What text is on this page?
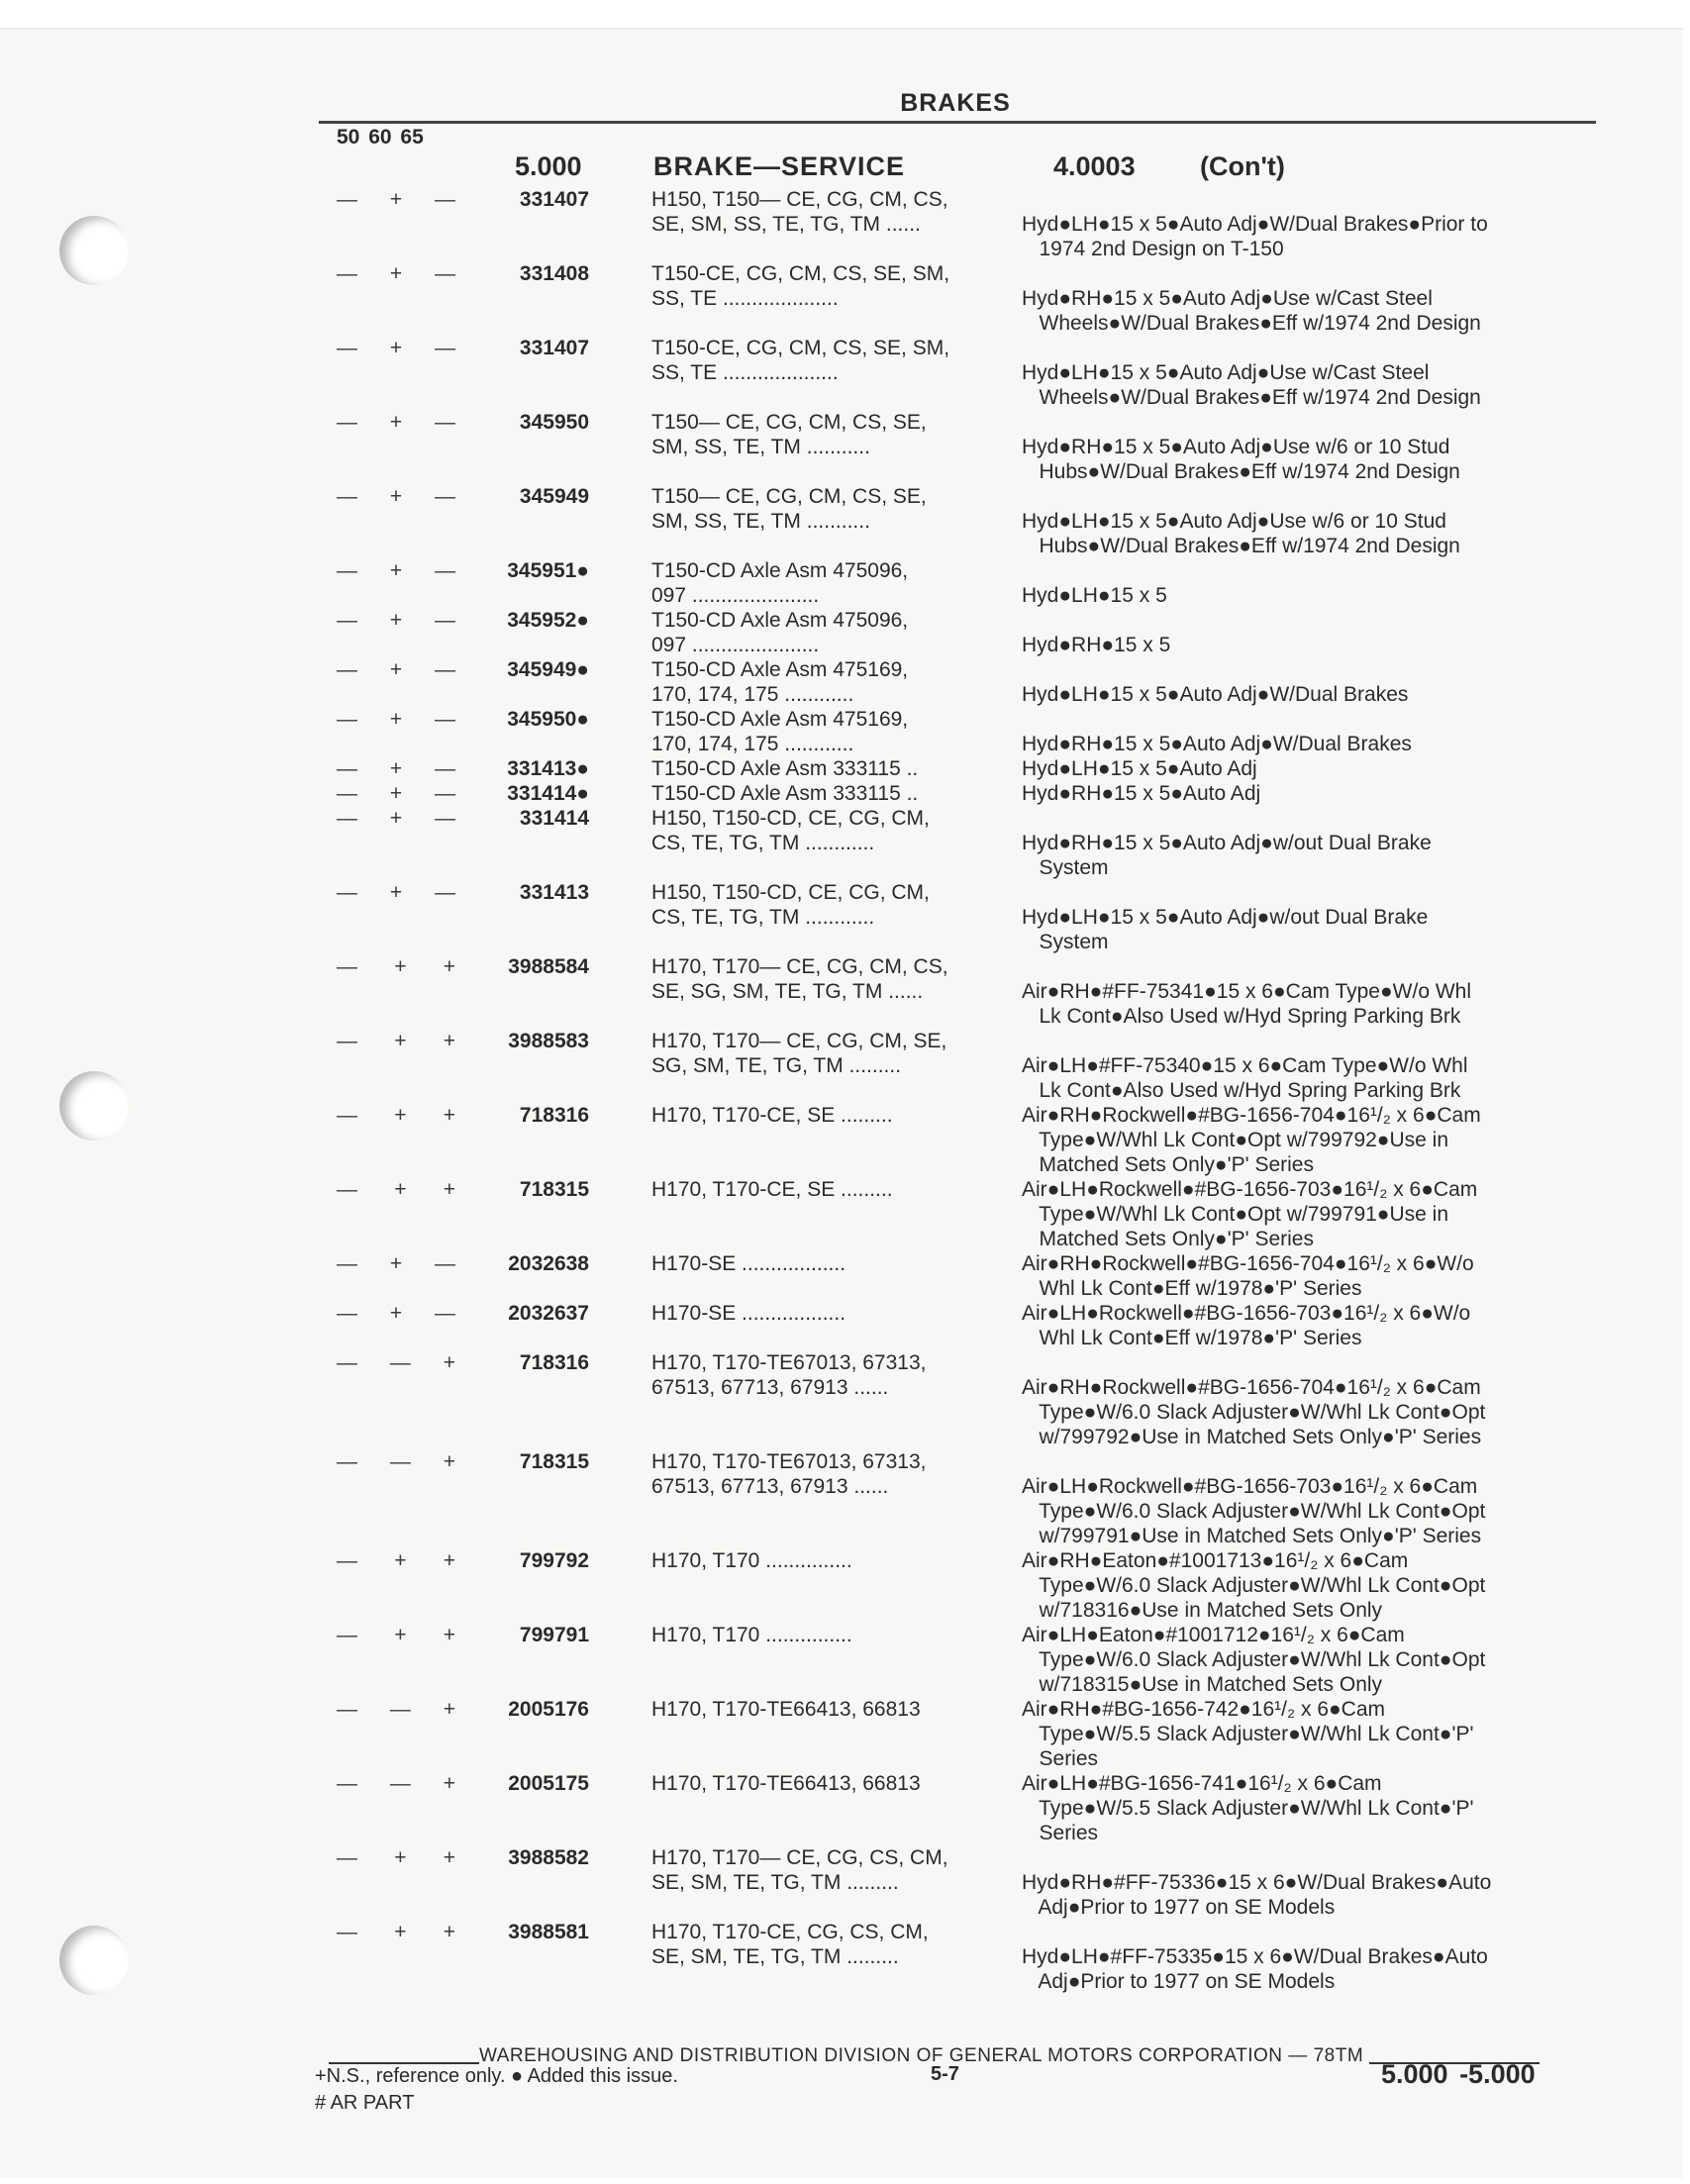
BRAKES
50 60 65
5.000	BRAKE—SERVICE	4.0003 (Con't)
— + —	331407	H150, T150— CE, CG, CM, CS,
SE, SM, SS, TE, TG, TM ......	Hyd●LH●15 x 5●Auto Adj●W/Dual Brakes●Prior to
1974 2nd Design on T-150
— + —	331408	T150-CE, CG, CM, CS, SE, SM,
SS, TE ....................	Hyd●RH●15 x 5●Auto Adj●Use w/Cast Steel
Wheels●W/Dual Brakes●Eff w/1974 2nd Design
— + —	331407	T150-CE, CG, CM, CS, SE, SM,
SS, TE ....................	Hyd●LH●15 x 5●Auto Adj●Use w/Cast Steel
Wheels●W/Dual Brakes●Eff w/1974 2nd Design
— + —	345950	T150— CE, CG, CM, CS, SE,
SM, SS, TE, TM ...........	Hyd●RH●15 x 5●Auto Adj●Use w/6 or 10 Stud
Hubs●W/Dual Brakes●Eff w/1974 2nd Design
— + —	345949	T150— CE, CG, CM, CS, SE,
SM, SS, TE, TM ...........	Hyd●LH●15 x 5●Auto Adj●Use w/6 or 10 Stud
Hubs●W/Dual Brakes●Eff w/1974 2nd Design
— + —	345951●	T150-CD Axle Asm 475096,
097 ......................	Hyd●LH●15 x 5
— + —	345952●	T150-CD Axle Asm 475096,
097 ......................	Hyd●RH●15 x 5
— + —	345949●	T150-CD Axle Asm 475169,
170, 174, 175 ............	Hyd●LH●15 x 5●Auto Adj●W/Dual Brakes
— + —	345950●	T150-CD Axle Asm 475169,
170, 174, 175 ............	Hyd●RH●15 x 5●Auto Adj●W/Dual Brakes
— + —	331413●	T150-CD Axle Asm 333115 ..	Hyd●LH●15 x 5●Auto Adj
— + —	331414●	T150-CD Axle Asm 333115 ..	Hyd●RH●15 x 5●Auto Adj
— + —	331414	H150, T150-CD, CE, CG, CM,
CS, TE, TG, TM ............	Hyd●RH●15 x 5●Auto Adj●w/out Dual Brake
System
— + —	331413	H150, T150-CD, CE, CG, CM,
CS, TE, TG, TM ............	Hyd●LH●15 x 5●Auto Adj●w/out Dual Brake
System
— + +	3988584	H170, T170— CE, CG, CM, CS,
SE, SG, SM, TE, TG, TM ......	Air●RH●#FF-75341●15 x 6●Cam Type●W/o Whl
Lk Cont●Also Used w/Hyd Spring Parking Brk
— + +	3988583	H170, T170— CE, CG, CM, SE,
SG, SM, TE, TG, TM .........	Air●LH●#FF-75340●15 x 6●Cam Type●W/o Whl
Lk Cont●Also Used w/Hyd Spring Parking Brk
— + +	718316	H170, T170-CE, SE .........	Air●RH●Rockwell●#BG-1656-704●16¹/₂ x 6●Cam
Type●W/Whl Lk Cont●Opt w/799792●Use in
Matched Sets Only●'P' Series
— + +	718315	H170, T170-CE, SE .........	Air●LH●Rockwell●#BG-1656-703●16¹/₂ x 6●Cam
Type●W/Whl Lk Cont●Opt w/799791●Use in
Matched Sets Only●'P' Series
— + —	2032638	H170-SE ..................	Air●RH●Rockwell●#BG-1656-704●16¹/₂ x 6●W/o
Whl Lk Cont●Eff w/1978●'P' Series
— + —	2032637	H170-SE ..................	Air●LH●Rockwell●#BG-1656-703●16¹/₂ x 6●W/o
Whl Lk Cont●Eff w/1978●'P' Series
— — +	718316	H170, T170-TE67013, 67313,
67513, 67713, 67913 ......	Air●RH●Rockwell●#BG-1656-704●16¹/₂ x 6●Cam
Type●W/6.0 Slack Adjuster●W/Whl Lk Cont●Opt
w/799792●Use in Matched Sets Only●'P' Series
— — +	718315	H170, T170-TE67013, 67313,
67513, 67713, 67913 ......	Air●LH●Rockwell●#BG-1656-703●16¹/₂ x 6●Cam
Type●W/6.0 Slack Adjuster●W/Whl Lk Cont●Opt
w/799791●Use in Matched Sets Only●'P' Series
— + +	799792	H170, T170 ...............	Air●RH●Eaton●#1001713●16¹/₂ x 6●Cam
Type●W/6.0 Slack Adjuster●W/Whl Lk Cont●Opt
w/718316●Use in Matched Sets Only
— + +	799791	H170, T170 ...............	Air●LH●Eaton●#1001712●16¹/₂ x 6●Cam
Type●W/6.0 Slack Adjuster●W/Whl Lk Cont●Opt
w/718315●Use in Matched Sets Only
— — +	2005176	H170, T170-TE66413, 66813	Air●RH●#BG-1656-742●16¹/₂ x 6●Cam
Type●W/5.5 Slack Adjuster●W/Whl Lk Cont●'P'
Series
— — +	2005175	H170, T170-TE66413, 66813	Air●LH●#BG-1656-741●16¹/₂ x 6●Cam
Type●W/5.5 Slack Adjuster●W/Whl Lk Cont●'P'
Series
— + +	3988582	H170, T170— CE, CG, CS, CM,
SE, SM, TE, TG, TM .........	Hyd●RH●#FF-75336●15 x 6●W/Dual Brakes●Auto
Adj●Prior to 1977 on SE Models
— + +	3988581	H170, T170-CE, CG, CS, CM,
SE, SM, TE, TG, TM .........	Hyd●LH●#FF-75335●15 x 6●W/Dual Brakes●Auto
Adj●Prior to 1977 on SE Models
WAREHOUSING AND DISTRIBUTION DIVISION OF GENERAL MOTORS CORPORATION — 78TM
+N.S., reference only. ● Added this issue.
# AR PART
5-7	5.000 -5.000
